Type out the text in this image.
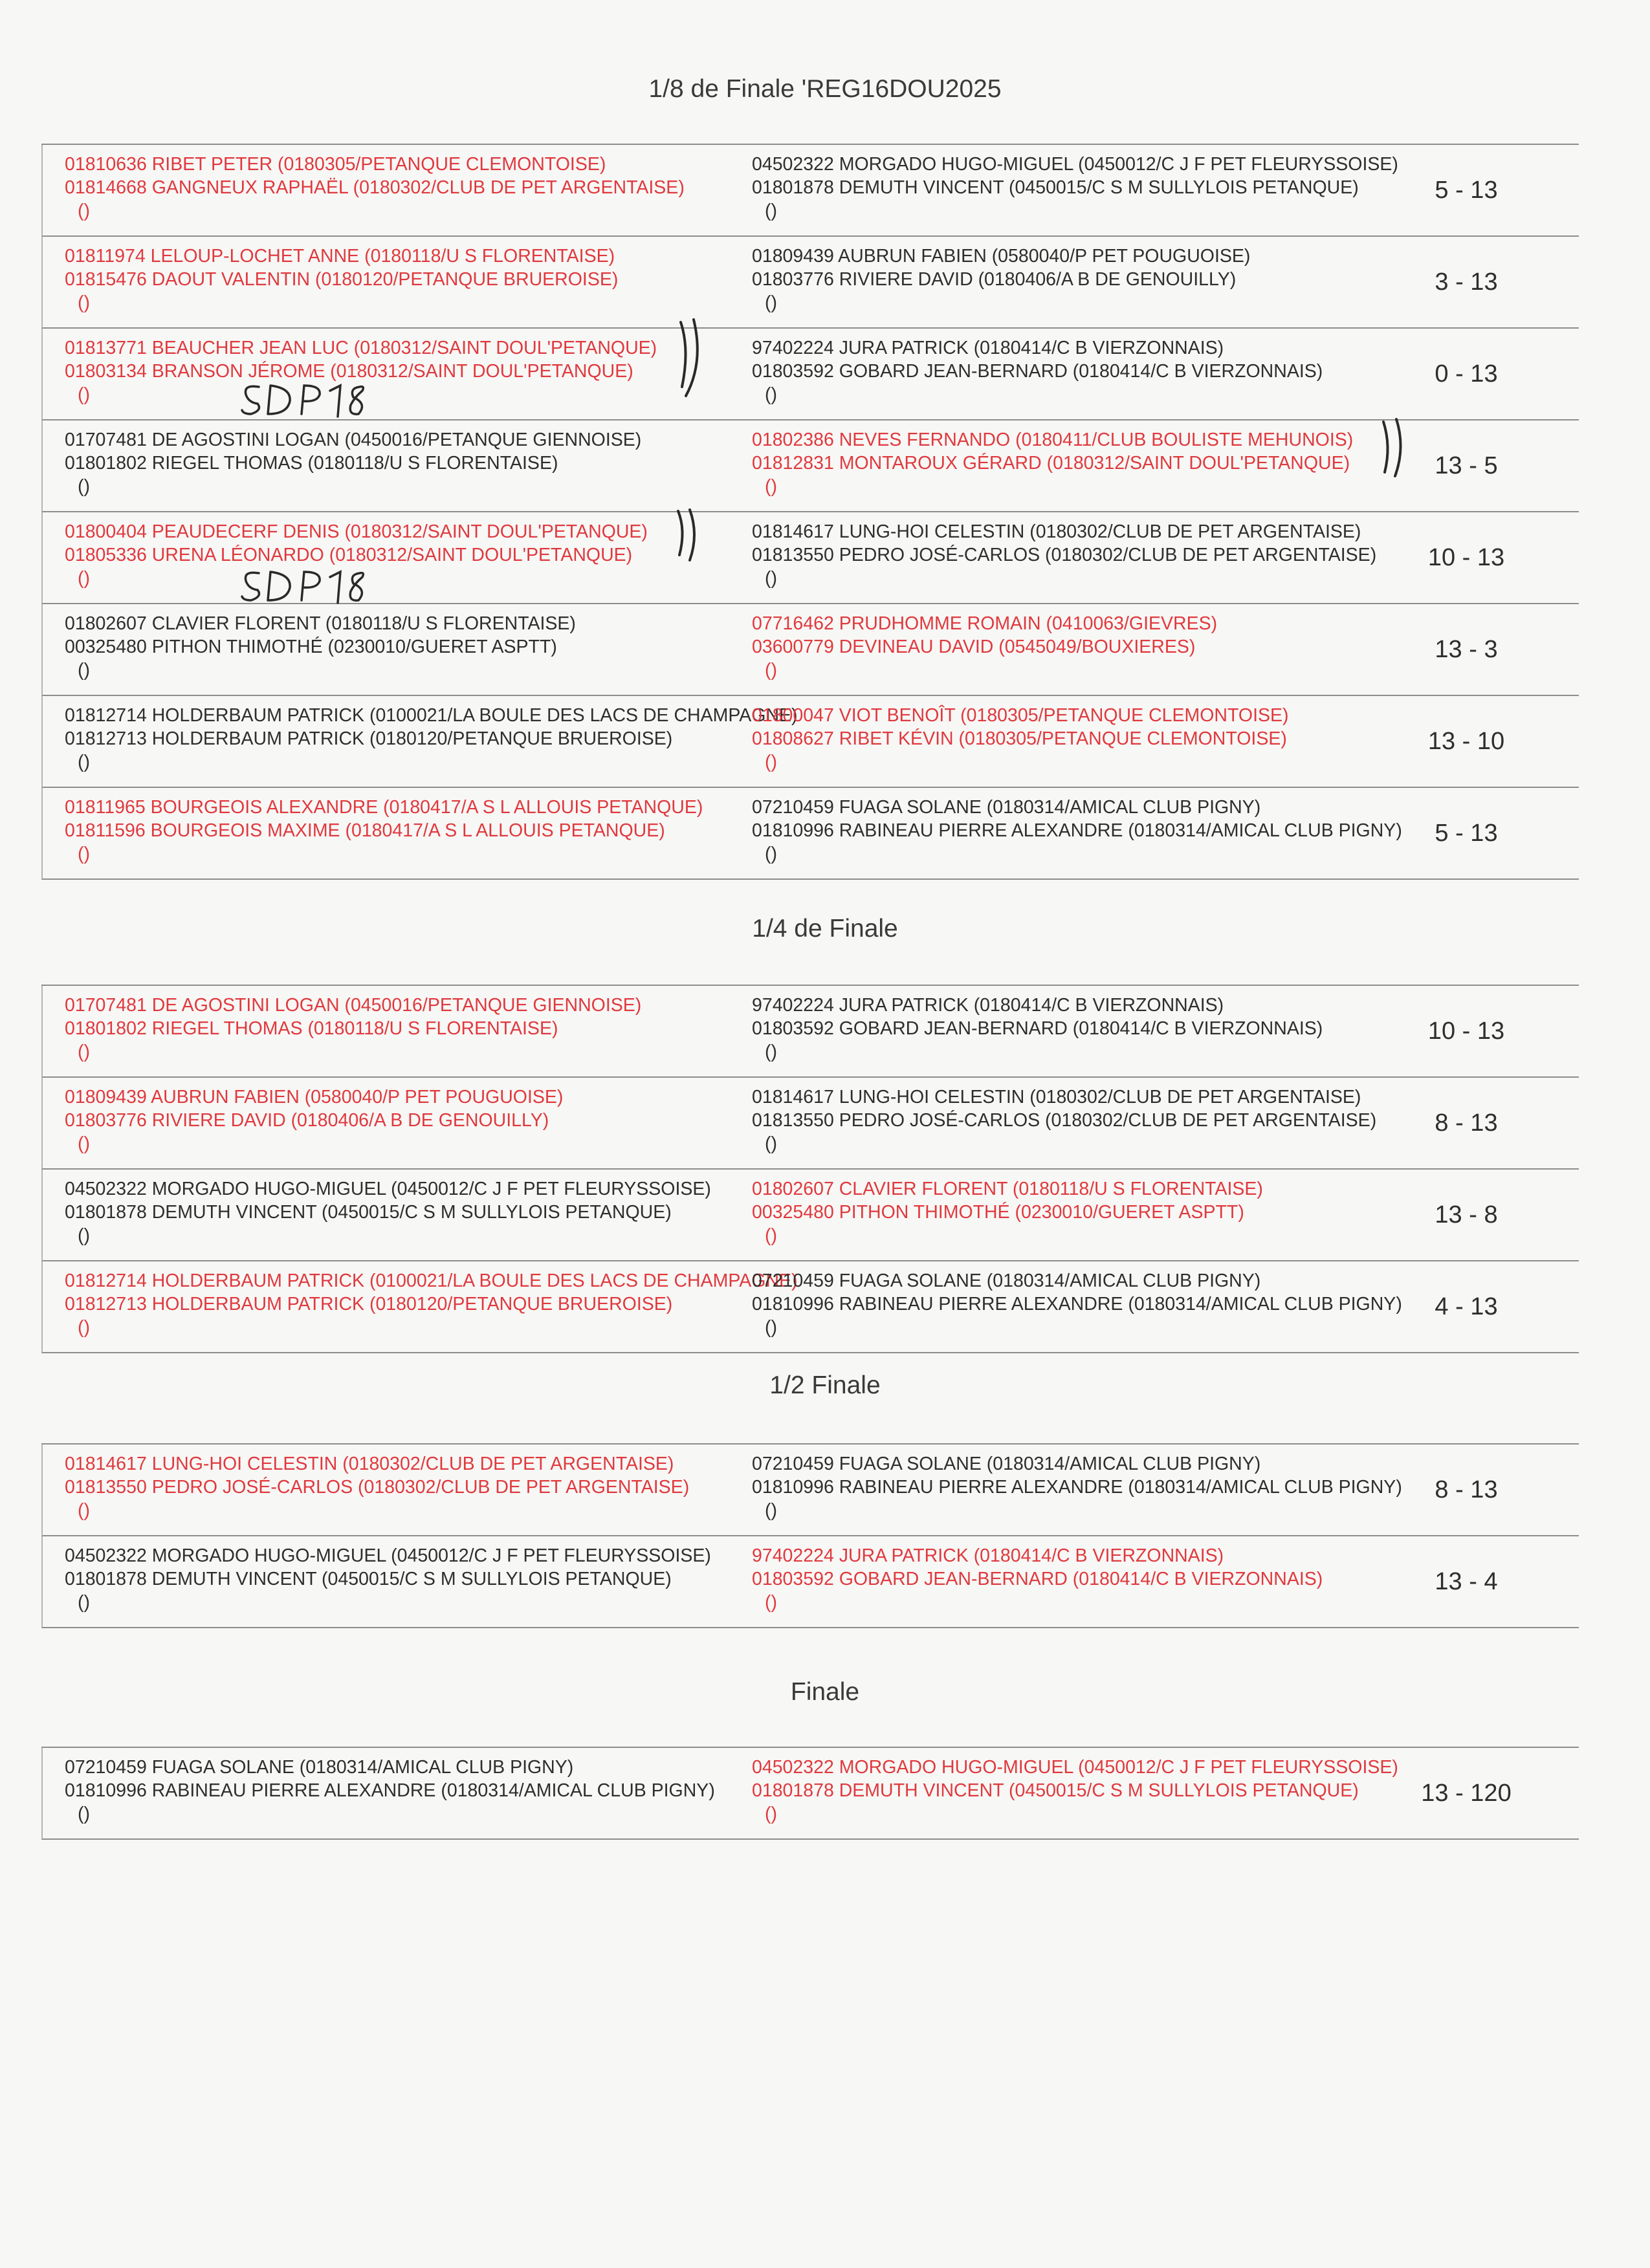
1/8 de Finale 'REG16DOU2025
01810636 RIBET PETER (0180305/PETANQUE CLEMONTOISE)
01814668 GANGNEUX RAPHAËL (0180302/CLUB DE PET ARGENTAISE)
()
04502322 MORGADO HUGO-MIGUEL (0450012/C J F PET FLEURYSSOISE)
01801878 DEMUTH VINCENT (0450015/C S M SULLYLOIS PETANQUE)
()
5 - 13
01811974 LELOUP-LOCHET ANNE (0180118/U S FLORENTAISE)
01815476 DAOUT VALENTIN (0180120/PETANQUE BRUEROISE)
()
01809439 AUBRUN FABIEN (0580040/P PET POUGUOISE)
01803776 RIVIERE DAVID (0180406/A B DE GENOUILLY)
()
3 - 13
01813771 BEAUCHER JEAN LUC (0180312/SAINT DOUL'PETANQUE)
01803134 BRANSON JÉROME (0180312/SAINT DOUL'PETANQUE)
()
97402224 JURA PATRICK (0180414/C B VIERZONNAIS)
01803592 GOBARD JEAN-BERNARD (0180414/C B VIERZONNAIS)
()
0 - 13
01707481 DE AGOSTINI LOGAN (0450016/PETANQUE GIENNOISE)
01801802 RIEGEL THOMAS (0180118/U S FLORENTAISE)
()
01802386 NEVES FERNANDO (0180411/CLUB BOULISTE MEHUNOIS)
01812831 MONTAROUX GÉRARD (0180312/SAINT DOUL'PETANQUE)
()
13 - 5
01800404 PEAUDECERF DENIS (0180312/SAINT DOUL'PETANQUE)
01805336 URENA LÉONARDO (0180312/SAINT DOUL'PETANQUE)
()
01814617 LUNG-HOI CELESTIN (0180302/CLUB DE PET ARGENTAISE)
01813550 PEDRO JOSÉ-CARLOS (0180302/CLUB DE PET ARGENTAISE)
()
10 - 13
01802607 CLAVIER FLORENT (0180118/U S FLORENTAISE)
00325480 PITHON THIMOTHÉ (0230010/GUERET ASPTT)
()
07716462 PRUDHOMME ROMAIN (0410063/GIEVRES)
03600779 DEVINEAU DAVID (0545049/BOUXIERES)
()
13 - 3
01812714 HOLDERBAUM PATRICK (0100021/LA BOULE DES LACS DE CHAMPAGNE)
01812713 HOLDERBAUM PATRICK (0180120/PETANQUE BRUEROISE)
()
01800047 VIOT BENOÎT (0180305/PETANQUE CLEMONTOISE)
01808627 RIBET KÉVIN (0180305/PETANQUE CLEMONTOISE)
()
13 - 10
01811965 BOURGEOIS ALEXANDRE (0180417/A S L ALLOUIS PETANQUE)
01811596 BOURGEOIS MAXIME (0180417/A S L ALLOUIS PETANQUE)
()
07210459 FUAGA SOLANE (0180314/AMICAL CLUB PIGNY)
01810996 RABINEAU PIERRE ALEXANDRE (0180314/AMICAL CLUB PIGNY)
()
5 - 13
1/4 de Finale
01707481 DE AGOSTINI LOGAN (0450016/PETANQUE GIENNOISE)
01801802 RIEGEL THOMAS (0180118/U S FLORENTAISE)
()
97402224 JURA PATRICK (0180414/C B VIERZONNAIS)
01803592 GOBARD JEAN-BERNARD (0180414/C B VIERZONNAIS)
()
10 - 13
01809439 AUBRUN FABIEN (0580040/P PET POUGUOISE)
01803776 RIVIERE DAVID (0180406/A B DE GENOUILLY)
()
01814617 LUNG-HOI CELESTIN (0180302/CLUB DE PET ARGENTAISE)
01813550 PEDRO JOSÉ-CARLOS (0180302/CLUB DE PET ARGENTAISE)
()
8 - 13
04502322 MORGADO HUGO-MIGUEL (0450012/C J F PET FLEURYSSOISE)
01801878 DEMUTH VINCENT (0450015/C S M SULLYLOIS PETANQUE)
()
01802607 CLAVIER FLORENT (0180118/U S FLORENTAISE)
00325480 PITHON THIMOTHÉ (0230010/GUERET ASPTT)
()
13 - 8
01812714 HOLDERBAUM PATRICK (0100021/LA BOULE DES LACS DE CHAMPAGNE)
01812713 HOLDERBAUM PATRICK (0180120/PETANQUE BRUEROISE)
()
07210459 FUAGA SOLANE (0180314/AMICAL CLUB PIGNY)
01810996 RABINEAU PIERRE ALEXANDRE (0180314/AMICAL CLUB PIGNY)
()
4 - 13
1/2 Finale
01814617 LUNG-HOI CELESTIN (0180302/CLUB DE PET ARGENTAISE)
01813550 PEDRO JOSÉ-CARLOS (0180302/CLUB DE PET ARGENTAISE)
()
07210459 FUAGA SOLANE (0180314/AMICAL CLUB PIGNY)
01810996 RABINEAU PIERRE ALEXANDRE (0180314/AMICAL CLUB PIGNY)
()
8 - 13
04502322 MORGADO HUGO-MIGUEL (0450012/C J F PET FLEURYSSOISE)
01801878 DEMUTH VINCENT (0450015/C S M SULLYLOIS PETANQUE)
()
97402224 JURA PATRICK (0180414/C B VIERZONNAIS)
01803592 GOBARD JEAN-BERNARD (0180414/C B VIERZONNAIS)
()
13 - 4
Finale
07210459 FUAGA SOLANE (0180314/AMICAL CLUB PIGNY)
01810996 RABINEAU PIERRE ALEXANDRE (0180314/AMICAL CLUB PIGNY)
()
04502322 MORGADO HUGO-MIGUEL (0450012/C J F PET FLEURYSSOISE)
01801878 DEMUTH VINCENT (0450015/C S M SULLYLOIS PETANQUE)
()
13 - 120
